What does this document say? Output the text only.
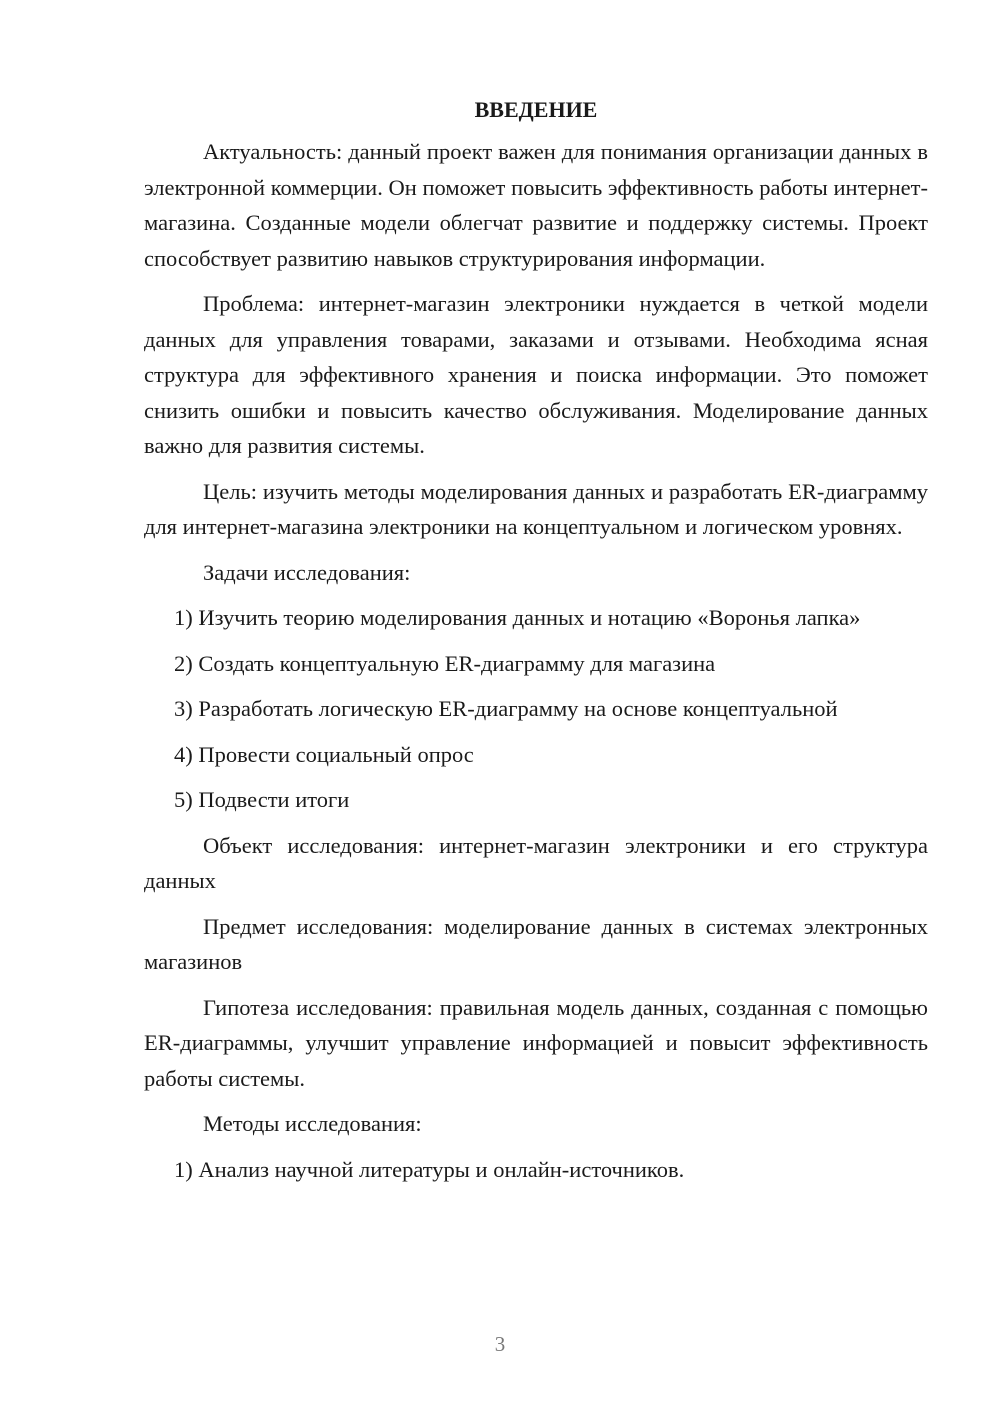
ВВЕДЕНИЕ

Актуальность: данный проект важен для понимания организации данных в электронной коммерции. Он поможет повысить эффективность работы интернет-магазина. Созданные модели облегчат развитие и поддержку системы. Проект способствует развитию навыков структурирования информации.

Проблема: интернет-магазин электроники нуждается в четкой модели данных для управления товарами, заказами и отзывами. Необходима ясная структура для эффективного хранения и поиска информации. Это поможет снизить ошибки и повысить качество обслуживания. Моделирование данных важно для развития системы.

Цель: изучить методы моделирования данных и разработать ER-диаграмму для интернет-магазина электроники на концептуальном и логическом уровнях.

Задачи исследования:

1) Изучить теорию моделирования данных и нотацию «Воронья лапка»

2) Создать концептуальную ER-диаграмму для магазина

3) Разработать логическую ER-диаграмму на основе концептуальной

4) Провести социальный опрос

5) Подвести итоги

Объект исследования: интернет-магазин электроники и его структура данных

Предмет исследования: моделирование данных в системах электронных магазинов

Гипотеза исследования: правильная модель данных, созданная с помощью ER-диаграммы, улучшит управление информацией и повысит эффективность работы системы.

Методы исследования:

1) Анализ научной литературы и онлайн-источников.

3
